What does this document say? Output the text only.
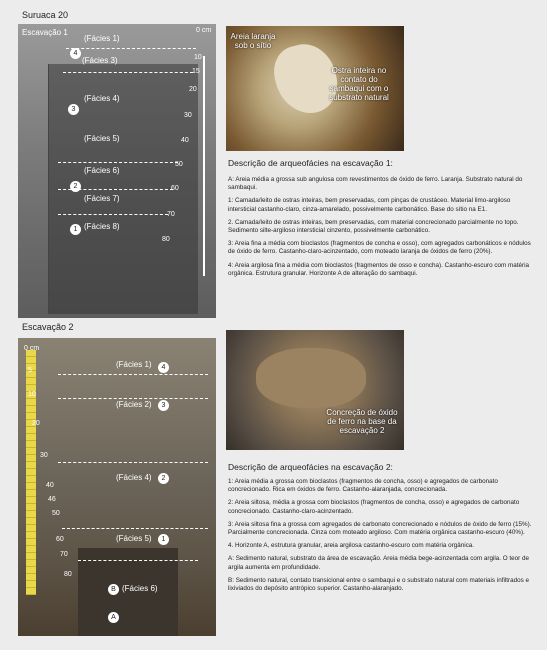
Suruaca 20
Escavação 1	0 cm
10
15
20
30
40
50
60
70
80
(Fácies 1)
4
(Fácies 3)
(Fácies 4)
3
(Fácies 5)
(Fácies 6)
(Fácies 7)
2
(Fácies 8)
1
Areia laranja sob o sítio
Ostra inteira no contato do sambaqui com o substrato natural
Descrição de arqueofácies na escavação 1:

A: Areia média a grossa sub angulosa com revestimentos de óxido de ferro. Laranja. Substrato natural do sambaqui.

1: Camada/leito de ostras inteiras, bem preservadas, com pinças de crustáceo. Material limo-argiloso intersticial castanho-claro, cinza-amarelado, possivelmente carbonático. Base do sítio na E1.

2. Camada/leito de ostras inteiras, bem preservadas, com material concrecionado parcialmente no topo. Sedimento silte-argiloso intersticial cinzento, possivelmente carbonático.

3: Areia fina a média com bioclastos (fragmentos de concha e osso), com agregados carbonáticos e nódulos de óxido de ferro. Castanho-claro-acinzentado, com moteado laranja de óxidos de ferro (20%).

4: Areia argilosa fina a média com bioclastos (fragmentos de osso e concha). Castanho-escuro com matéria orgânica. Estrutura granular. Horizonte A de alteração do sambaqui.

Escavação 2
0 cm
5
10
20
30
40
46
50
60
70
80
(Fácies 1)	4
(Fácies 2)	3
(Fácies 4)	2
(Fácies 5)	1
(Fácies 6)
B
A
Concreção de óxido de ferro na base da escavação 2
Descrição de arqueofácies na escavação 2:

1: Areia média a grossa com bioclastos (fragmentos de concha, osso) e agregados de carbonato concrecionado. Rica em óxidos de ferro. Castanho-alaranjada, concrecionada.

2: Areia siltosa, média a grossa com bioclastos (fragmentos de concha, osso) e agregados de carbonato concrecionado. Castanho-claro-acinzentado.

3: Areia siltosa fina a grossa com agregados de carbonato concrecionado e nódulos de óxido de ferro (15%). Parcialmente concrecionada. Cinza com moteado argiloso. Com matéria orgânica castanho-escuro (40%).

4. Horizonte A, estrutura granular, areia argilosa castanho-escuro com matéria orgânica.

A: Sedimento natural, substrato da área de escavação. Areia média bege-acinzentada com argila. O teor de argila aumenta em profundidade.

B: Sedimento natural, contato transicional entre o sambaqui e o substrato natural com materiais infiltrados e lixiviados do depósito antrópico superior. Castanho-alaranjado.
